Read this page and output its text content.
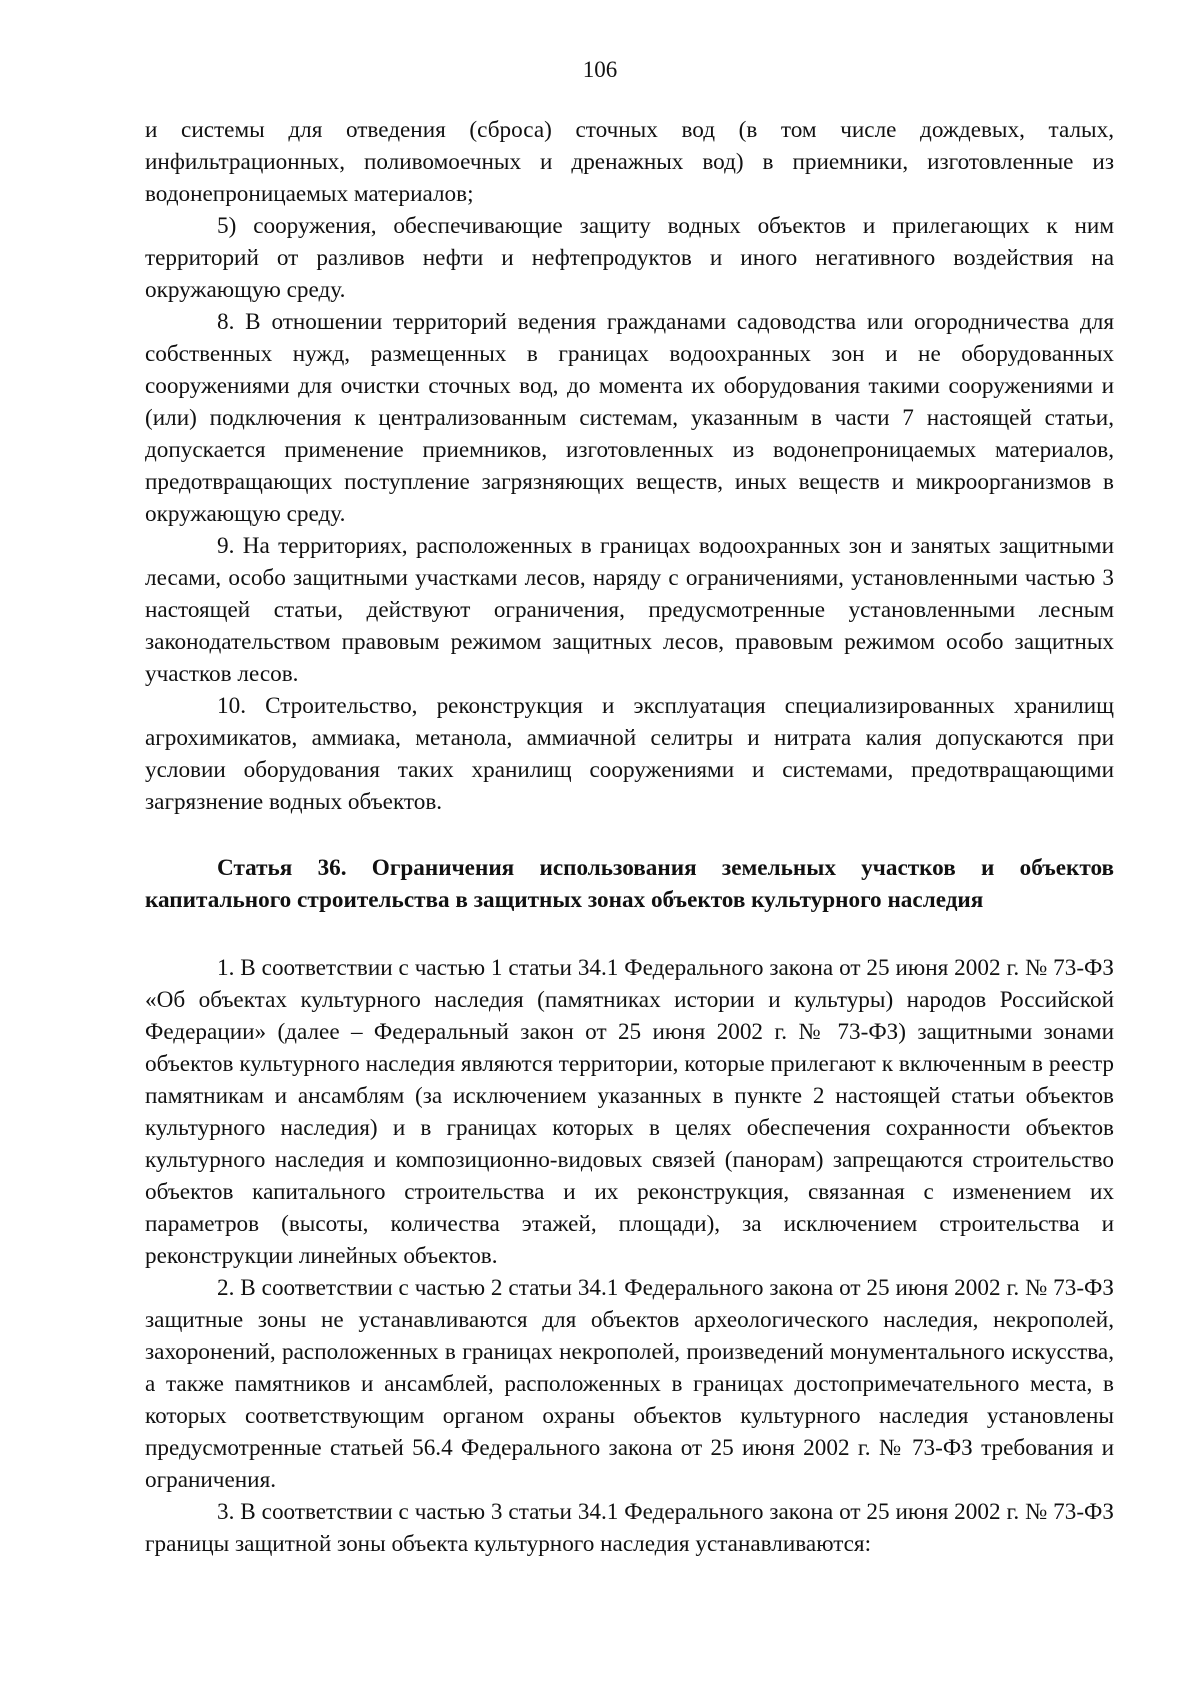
106

и системы для отведения (сброса) сточных вод (в том числе дождевых, талых, инфильтрационных, поливомоечных и дренажных вод) в приемники, изготовленные из водонепроницаемых материалов;

5) сооружения, обеспечивающие защиту водных объектов и прилегающих к ним территорий от разливов нефти и нефтепродуктов и иного негативного воздействия на окружающую среду.

8. В отношении территорий ведения гражданами садоводства или огородничества для собственных нужд, размещенных в границах водоохранных зон и не оборудованных сооружениями для очистки сточных вод, до момента их оборудования такими сооружениями и (или) подключения к централизованным системам, указанным в части 7 настоящей статьи, допускается применение приемников, изготовленных из водонепроницаемых материалов, предотвращающих поступление загрязняющих веществ, иных веществ и микроорганизмов в окружающую среду.

9. На территориях, расположенных в границах водоохранных зон и занятых защитными лесами, особо защитными участками лесов, наряду с ограничениями, установленными частью 3 настоящей статьи, действуют ограничения, предусмотренные установленными лесным законодательством правовым режимом защитных лесов, правовым режимом особо защитных участков лесов.

10. Строительство, реконструкция и эксплуатация специализированных хранилищ агрохимикатов, аммиака, метанола, аммиачной селитры и нитрата калия допускаются при условии оборудования таких хранилищ сооружениями и системами, предотвращающими загрязнение водных объектов.

Статья 36. Ограничения использования земельных участков и объектов капитального строительства в защитных зонах объектов культурного наследия

1. В соответствии с частью 1 статьи 34.1 Федерального закона от 25 июня 2002 г. № 73-ФЗ «Об объектах культурного наследия (памятниках истории и культуры) народов Российской Федерации» (далее – Федеральный закон от 25 июня 2002 г. № 73-ФЗ) защитными зонами объектов культурного наследия являются территории, которые прилегают к включенным в реестр памятникам и ансамблям (за исключением указанных в пункте 2 настоящей статьи объектов культурного наследия) и в границах которых в целях обеспечения сохранности объектов культурного наследия и композиционно-видовых связей (панорам) запрещаются строительство объектов капитального строительства и их реконструкция, связанная с изменением их параметров (высоты, количества этажей, площади), за исключением строительства и реконструкции линейных объектов.

2. В соответствии с частью 2 статьи 34.1 Федерального закона от 25 июня 2002 г. № 73-ФЗ защитные зоны не устанавливаются для объектов археологического наследия, некрополей, захоронений, расположенных в границах некрополей, произведений монументального искусства, а также памятников и ансамблей, расположенных в границах достопримечательного места, в которых соответствующим органом охраны объектов культурного наследия установлены предусмотренные статьей 56.4 Федерального закона от 25 июня 2002 г. № 73-ФЗ требования и ограничения.

3. В соответствии с частью 3 статьи 34.1 Федерального закона от 25 июня 2002 г. № 73-ФЗ границы защитной зоны объекта культурного наследия устанавливаются:
